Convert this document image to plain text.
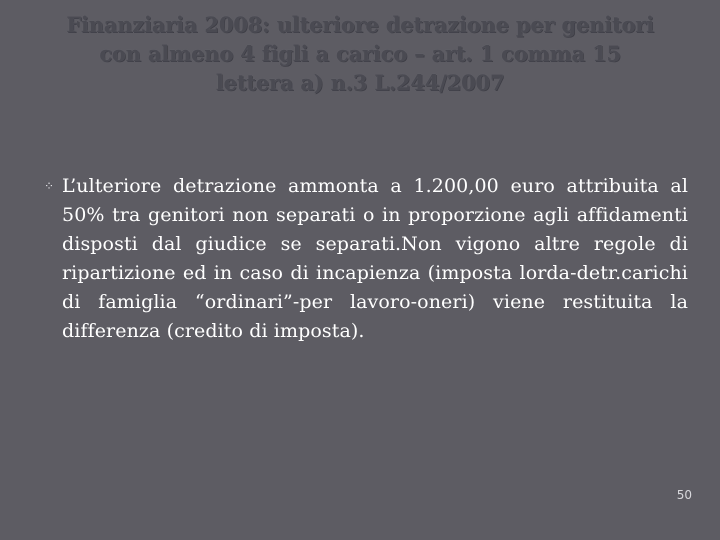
Finanziaria 2008: ulteriore detrazione per genitori con almeno 4 figli a carico – art. 1 comma 15 lettera a) n.3 L.244/2007
⁘ L’ulteriore detrazione ammonta a 1.200,00 euro attribuita al 50% tra genitori non separati o in proporzione agli affidamenti disposti dal giudice se separati.Non vigono altre regole di ripartizione ed in caso di incapienza (imposta lorda-detr.carichi di famiglia “ordinari”-per lavoro-oneri) viene restituita la differenza (credito di imposta).
50
